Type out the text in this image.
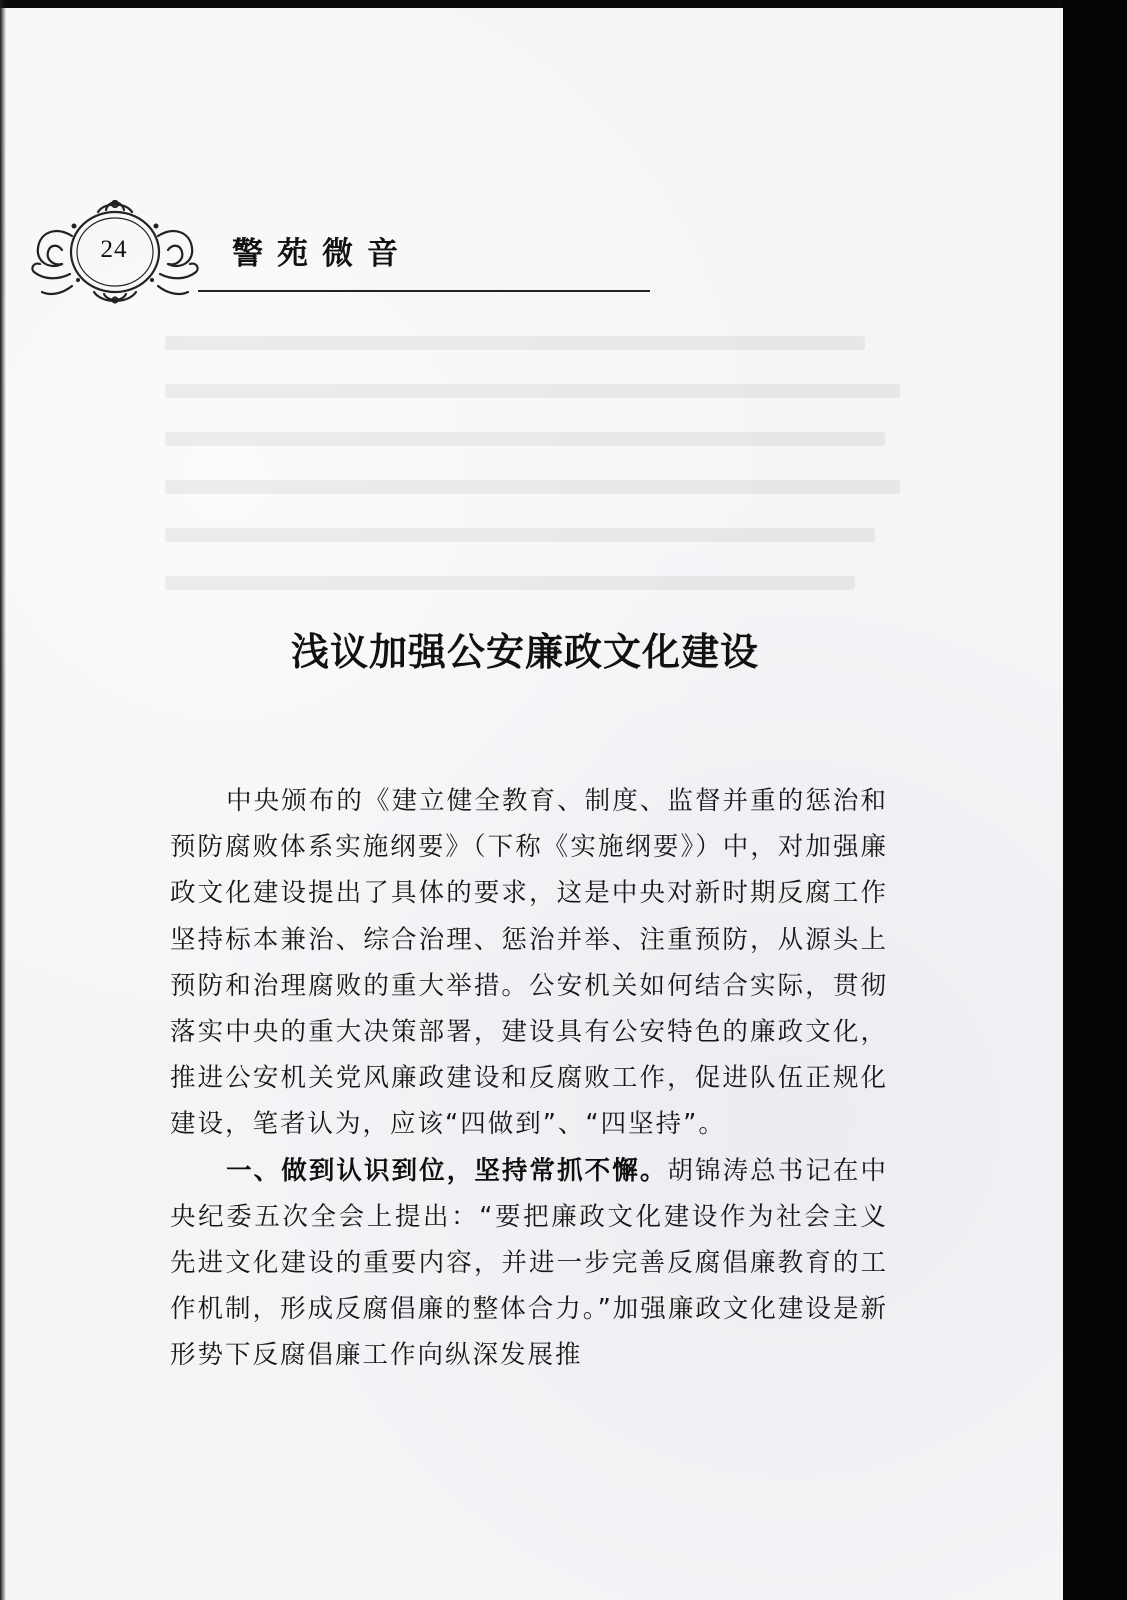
24	警苑微音
浅议加强公安廉政文化建设

中央颁布的《建立健全教育、制度、监督并重的惩治和预防腐败体系实施纲要》（下称《实施纲要》）中，对加强廉政文化建设提出了具体的要求，这是中央对新时期反腐工作坚持标本兼治、综合治理、惩治并举、注重预防，从源头上预防和治理腐败的重大举措。公安机关如何结合实际，贯彻落实中央的重大决策部署，建设具有公安特色的廉政文化，推进公安机关党风廉政建设和反腐败工作，促进队伍正规化建设，笔者认为，应该“四做到”、“四坚持”。

一、做到认识到位，坚持常抓不懈。胡锦涛总书记在中央纪委五次全会上提出：“要把廉政文化建设作为社会主义先进文化建设的重要内容，并进一步完善反腐倡廉教育的工作机制，形成反腐倡廉的整体合力。”加强廉政文化建设是新形势下反腐倡廉工作向纵深发展推
